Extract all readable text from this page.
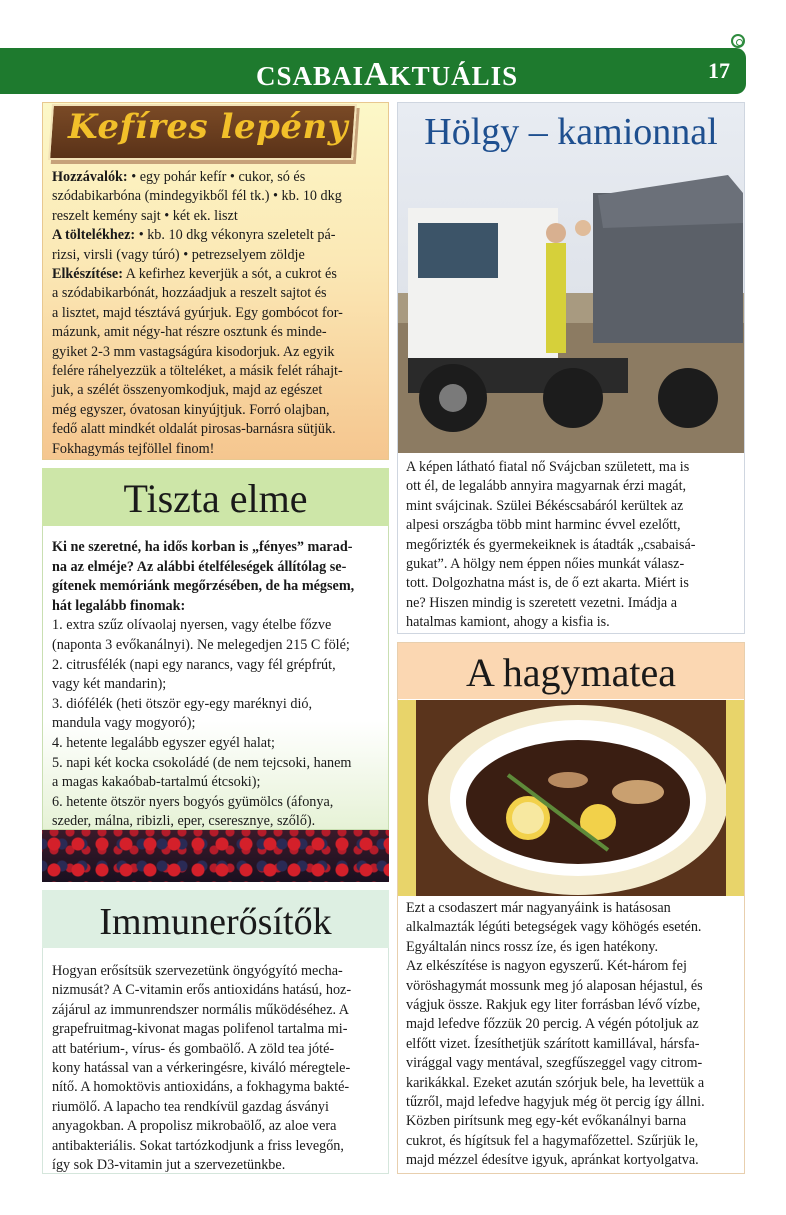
CSABAIAKTUÁLIS	17
Kefíres lepény

Hozzávalók: • egy pohár kefír • cukor, só és

szódabikarbóna (mindegyikből fél tk.) • kb. 10 dkg

reszelt kemény sajt • két ek. liszt

A töltelékhez: • kb. 10 dkg vékonyra szeletelt pá-

rizsi, virsli (vagy túró) • petrezselyem zöldje

Elkészítése: A kefirhez keverjük a sót, a cukrot és

a szódabikarbónát, hozzáadjuk a reszelt sajtot és

a lisztet, majd tésztává gyúrjuk. Egy gombócot for-

mázunk, amit négy-hat részre osztunk és minde-

gyiket 2-3 mm vastagságúra kisodorjuk. Az egyik

felére ráhelyezzük a tölteléket, a másik felét ráhajt-

juk, a szélét összenyomkodjuk, majd az egészet

még egyszer, óvatosan kinyújtjuk. Forró olajban,

fedő alatt mindkét oldalát pirosas-barnásra sütjük.

Fokhagymás tejföllel finom!

Tiszta elme

Ki ne szeretné, ha idős korban is „fényes” marad-

na az elméje? Az alábbi ételféleségek állítólag se-

gítenek memóriánk megőrzésében, de ha mégsem,

hát legalább finomak:

1. extra szűz olívaolaj nyersen, vagy ételbe főzve

(naponta 3 evőkanálnyi). Ne melegedjen 215 C fölé;

2. citrusfélék (napi egy narancs, vagy fél grépfrút,

vagy két mandarin);

3. diófélék (heti ötször egy-egy maréknyi dió,

mandula vagy mogyoró);

4. hetente legalább egyszer egyél halat;

5. napi két kocka csokoládé (de nem tejcsoki, hanem

a magas kakaóbab-tartalmú étcsoki);

6. hetente ötször nyers bogyós gyümölcs (áfonya,

szeder, málna, ribizli, eper, cseresznye, szőlő).

Immunerősítők

Hogyan erősítsük szervezetünk öngyógyító mecha-

nizmusát? A C-vitamin erős antioxidáns hatású, hoz-

zájárul az immunrendszer normális működéséhez. A

grapefruitmag-kivonat magas polifenol tartalma mi-

att batérium-, vírus- és gombaölő. A zöld tea jóté-

kony hatással van a vérkeringésre, kiváló méregtele-

nítő. A homoktövis antioxidáns, a fokhagyma bakté-

riumölő. A lapacho tea rendkívül gazdag ásványi

anyagokban. A propolisz mikrobaölő, az aloe vera

antibakteriális. Sokat tartózkodjunk a friss levegőn,

így sok D3-vitamin jut a szervezetünkbe.

Hölgy – kamionnal

A képen látható fiatal nő Svájcban született, ma is

ott él, de legalább annyira magyarnak érzi magát,

mint svájcinak. Szülei Békéscsabáról kerültek az

alpesi országba több mint harminc évvel ezelőtt,

megőrizték és gyermekeiknek is átadták „csabaisá-

gukat”. A hölgy nem éppen nőies munkát válasz-

tott. Dolgozhatna mást is, de ő ezt akarta. Miért is

ne? Hiszen mindig is szeretett vezetni. Imádja a

hatalmas kamiont, ahogy a kisfia is.

A hagymatea

Ezt a csodaszert már nagyanyáink is hatásosan

alkalmazták légúti betegségek vagy köhögés esetén.

Egyáltalán nincs rossz íze, és igen hatékony.

Az elkészítése is nagyon egyszerű. Két-három fej

vöröshagymát mossunk meg jó alaposan héjastul, és

vágjuk össze. Rakjuk egy liter forrásban lévő vízbe,

majd lefedve főzzük 20 percig. A végén pótoljuk az

elfőtt vizet. Ízesíthetjük szárított kamillával, hársfa-

virággal vagy mentával, szegfűszeggel vagy citrom-

karikákkal. Ezeket azután szórjuk bele, ha levettük a

tűzről, majd lefedve hagyjuk még öt percig így állni.

Közben pirítsunk meg egy-két evőkanálnyi barna

cukrot, és hígítsuk fel a hagymafőzettel. Szűrjük le,

majd mézzel édesítve igyuk, apránkat kortyolgatva.
